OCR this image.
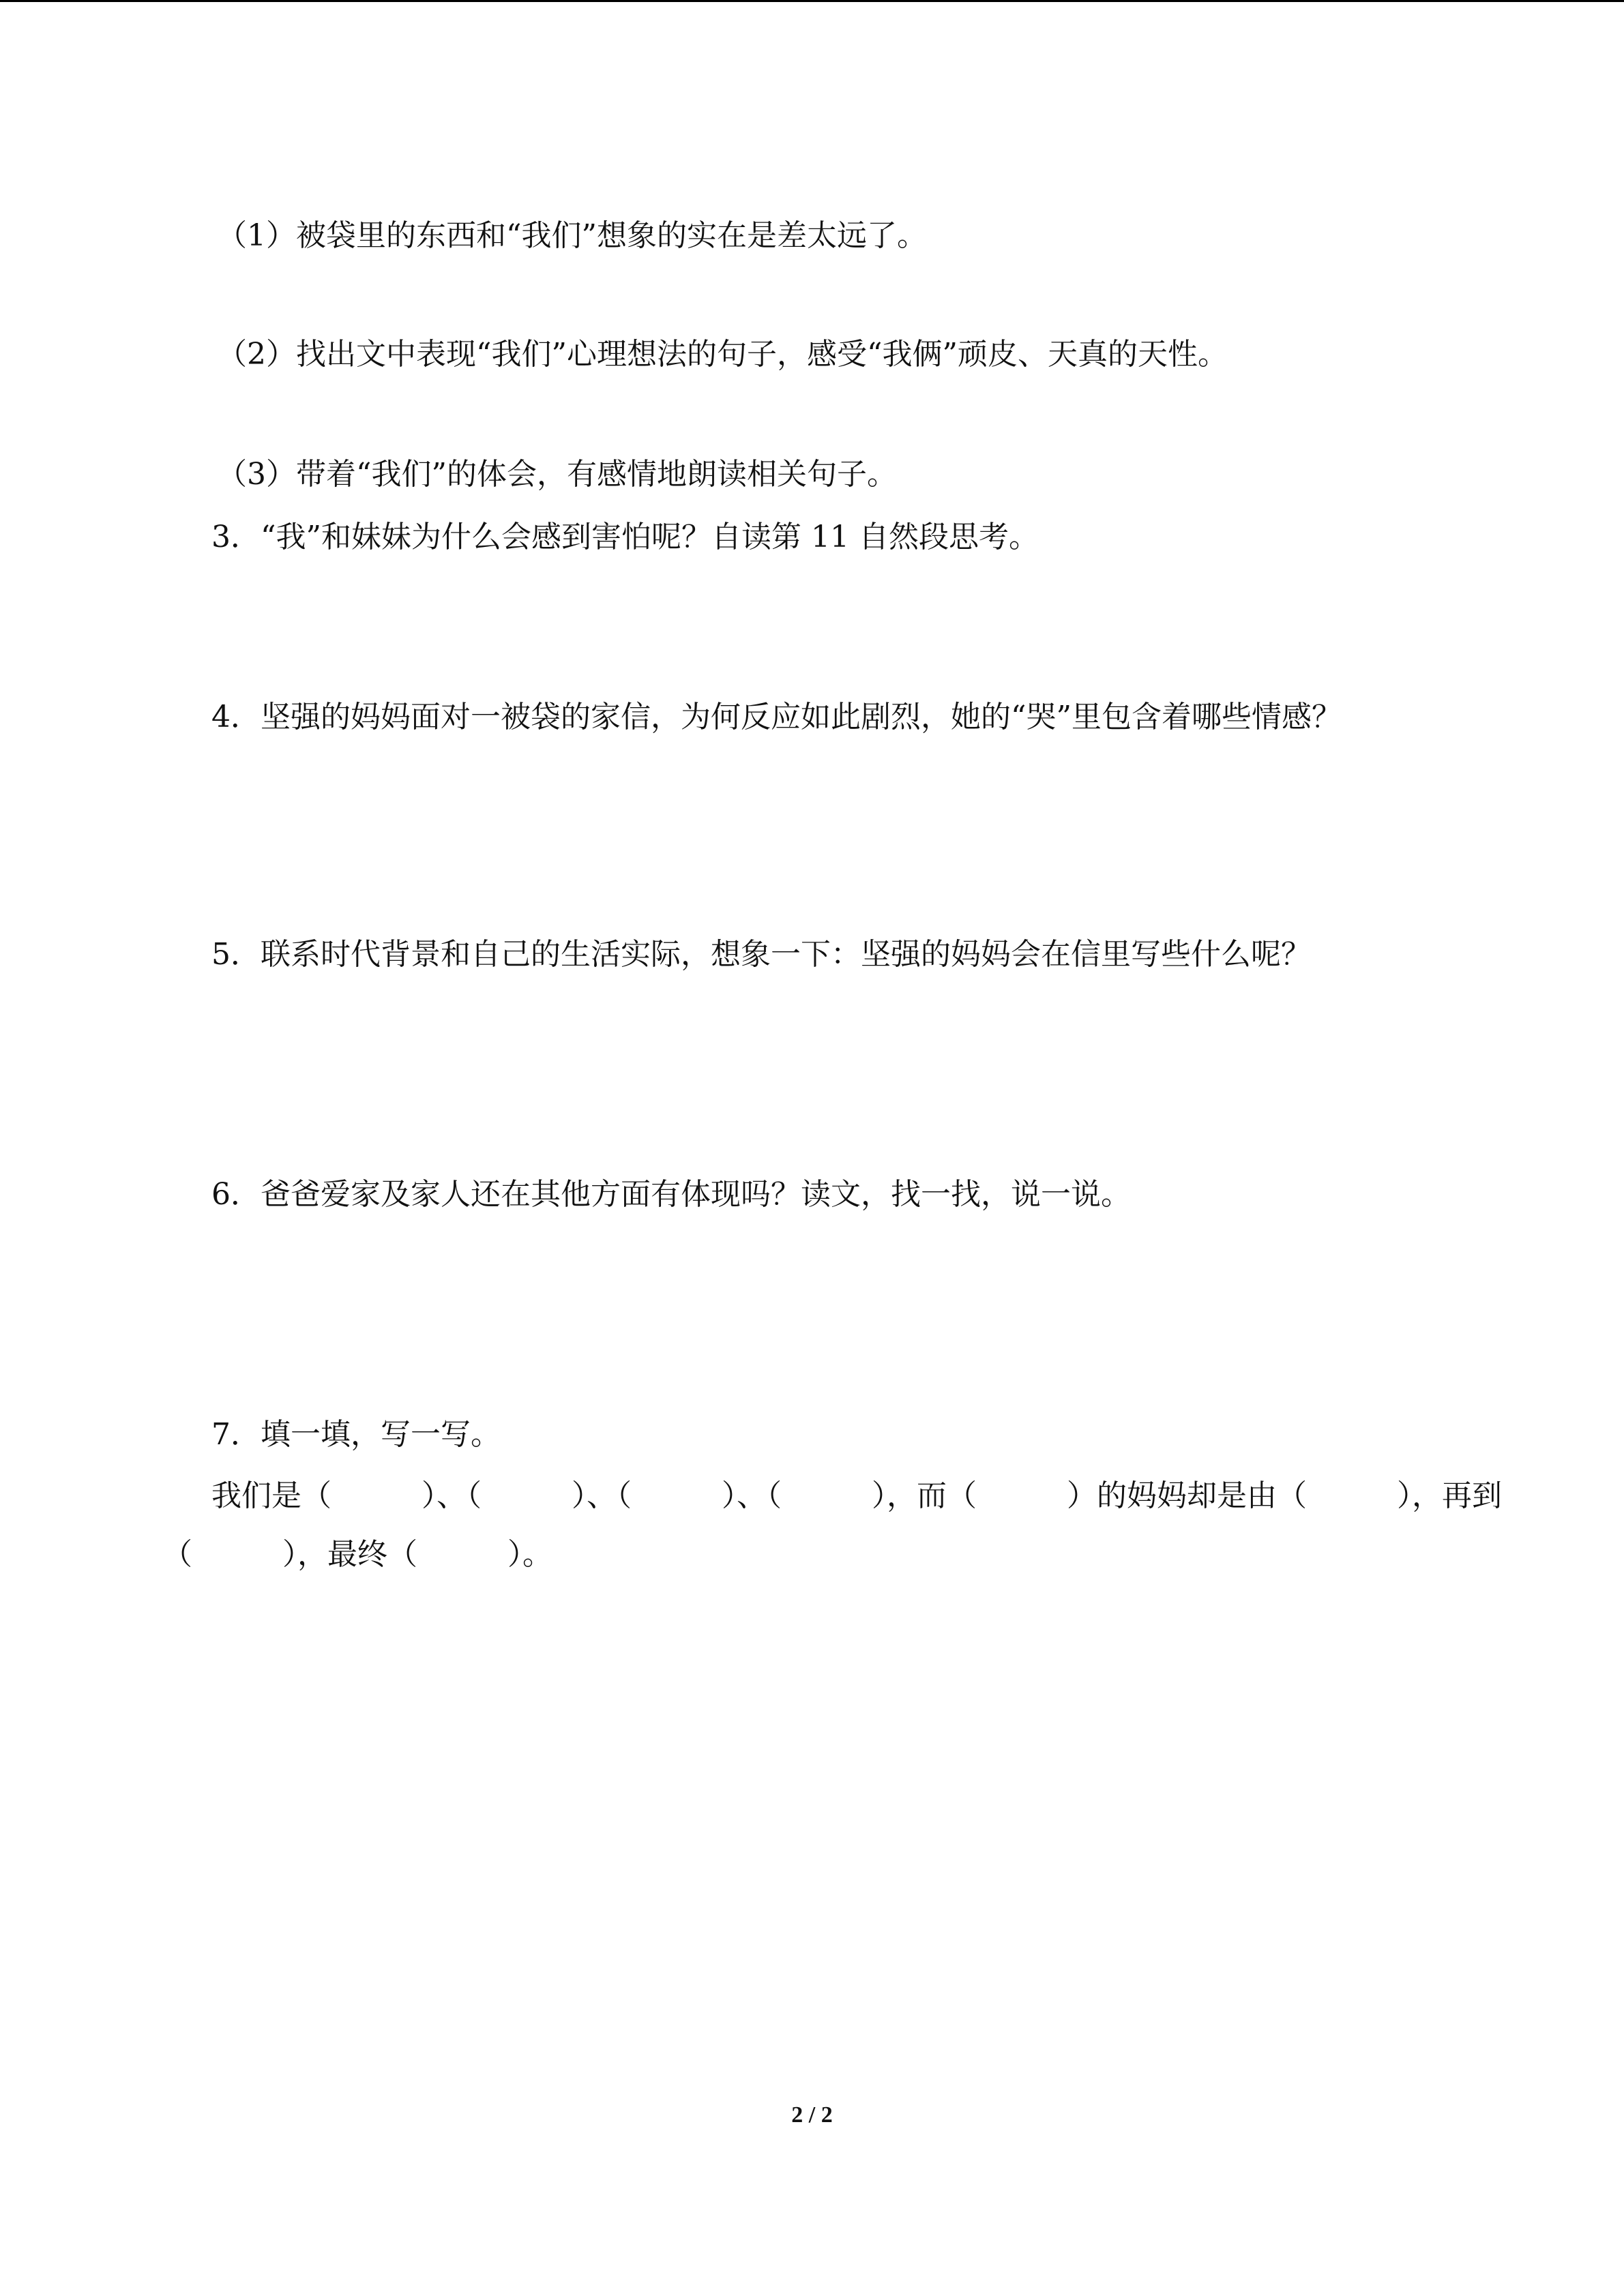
（1）被袋里的东西和“我们”想象的实在是差太远了。

（2）找出文中表现“我们”心理想法的句子，感受“我俩”顽皮、天真的天性。

（3）带着“我们”的体会，有感情地朗读相关句子。

3．“我”和妹妹为什么会感到害怕呢？自读第 11 自然段思考。

4．坚强的妈妈面对一被袋的家信，为何反应如此剧烈，她的“哭”里包含着哪些情感？

5．联系时代背景和自己的生活实际，想象一下：坚强的妈妈会在信里写些什么呢？

6．爸爸爱家及家人还在其他方面有体现吗？读文，找一找，说一说。

7．填一填，写一写。

我们是（　　　）、（　　　）、（　　　）、（　　　），而（　　　）的妈妈却是由（　　　），再到

（　　　），最终（　　　）。

2 / 2
